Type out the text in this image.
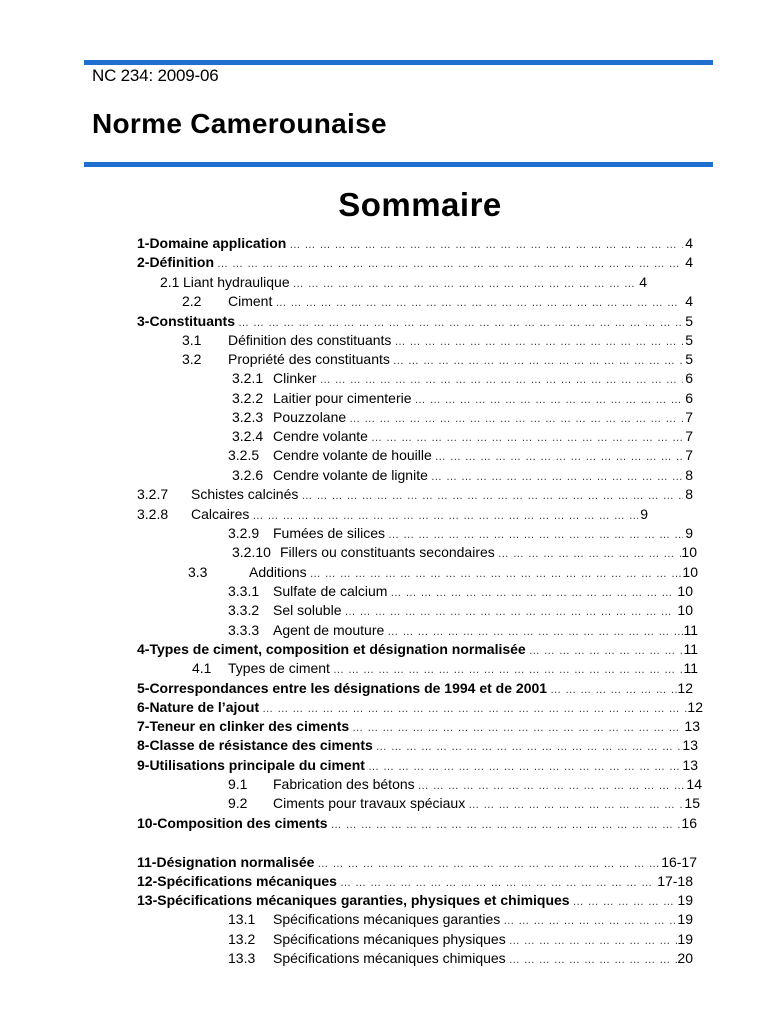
NC 234: 2009-06
Norme Camerounaise
Sommaire
1-Domaine application … … … … … … … … … … … … … … … … … … … … … … … … … … … … … … … … … … … … … … … … … … … … … … … … … … …	4
2-Définition … … … … … … … … … … … … … … … … … … … … … … … … … … … … … … … … … … … … … … … … … … … … … … … … … … …	4
2.1 Liant hydraulique … … … … … … … … … … … … … … … … … … … … … … … … … … … … … … … … … … … … … … … … … … … … … … … … … … …	4
2.2	Ciment … … … … … … … … … … … … … … … … … … … … … … … … … … … … … … … … … … … … … … … … … … … … … … … … … … …	4
3-Constituants … … … … … … … … … … … … … … … … … … … … … … … … … … … … … … … … … … … … … … … … … … … … … … … … … … …	5
3.1	Définition des constituants … … … … … … … … … … … … … … … … … … … … … … … … … … … … … … … … … … … … … … … … … … … … … … … … … … …	5
3.2	Propriété des constituants … … … … … … … … … … … … … … … … … … … … … … … … … … … … … … … … … … … … … … … … … … … … … … … … … … …	5
3.2.1 Clinker … … … … … … … … … … … … … … … … … … … … … … … … … … … … … … … … … … … … … … … … … … … … … … … … … … …	6
3.2.2 Laitier pour cimenterie … … … … … … … … … … … … … … … … … … … … … … … … … … … … … … … … … … … … … … … … … … … … … … … … … … …	6
3.2.3 Pouzzolane … … … … … … … … … … … … … … … … … … … … … … … … … … … … … … … … … … … … … … … … … … … … … … … … … … …	7
3.2.4 Cendre volante … … … … … … … … … … … … … … … … … … … … … … … … … … … … … … … … … … … … … … … … … … … … … … … … … … …	7
3.2.5 Cendre volante de houille … … … … … … … … … … … … … … … … … … … … … … … … … … … … … … … … … … … … … … … … … … … … … … … … … … …	7
3.2.6 Cendre volante de lignite … … … … … … … … … … … … … … … … … … … … … … … … … … … … … … … … … … … … … … … … … … … … … … … … … … …	8
3.2.7	Schistes calcinés … … … … … … … … … … … … … … … … … … … … … … … … … … … … … … … … … … … … … … … … … … … … … … … … … … …	8
3.2.8	Calcaires … … … … … … … … … … … … … … … … … … … … … … … … … … … … … … … … … … … … … … … … … … … … … … … … … … …	9
3.2.9 Fumées de silices … … … … … … … … … … … … … … … … … … … … … … … … … … … … … … … … … … … … … … … … … … … … … … … … … … …	9
3.2.10 Fillers ou constituants secondaires … … … … … … … … … … … … … … … … … … … … … … … … … … … … … … … … … … … … … … … … … … … … … … … … … … …	10
3.3	Additions … … … … … … … … … … … … … … … … … … … … … … … … … … … … … … … … … … … … … … … … … … … … … … … … … … …	10
3.3.1 Sulfate de calcium … … … … … … … … … … … … … … … … … … … … … … … … … … … … … … … … … … … … … … … … … … … … … … … … … … …	10
3.3.2 Sel soluble … … … … … … … … … … … … … … … … … … … … … … … … … … … … … … … … … … … … … … … … … … … … … … … … … … …	10
3.3.3 Agent de mouture … … … … … … … … … … … … … … … … … … … … … … … … … … … … … … … … … … … … … … … … … … … … … … … … … … …	11
4-Types de ciment, composition et désignation normalisée … … … … … … … … … … … … … … … … … … … … … … … … … … … … … … … … … … … … … … … … … … … … … … … … … … …	11
4.1	Types de ciment … … … … … … … … … … … … … … … … … … … … … … … … … … … … … … … … … … … … … … … … … … … … … … … … … … …	11
5-Correspondances entre les désignations de 1994 et de 2001 … … … … … … … … … … … … … … … … … … … … … … … … … … … … … … … … … … … … … … … … … … … … … … … … … … …	12
6-Nature de l’ajout … … … … … … … … … … … … … … … … … … … … … … … … … … … … … … … … … … … … … … … … … … … … … … … … … … …	12
7-Teneur en clinker des ciments … … … … … … … … … … … … … … … … … … … … … … … … … … … … … … … … … … … … … … … … … … … … … … … … … … …	13
8-Classe de résistance des ciments … … … … … … … … … … … … … … … … … … … … … … … … … … … … … … … … … … … … … … … … … … … … … … … … … … …	13
9-Utilisations principale du ciment … … … … … … … … … … … … … … … … … … … … … … … … … … … … … … … … … … … … … … … … … … … … … … … … … … …	13
9.1	Fabrication des bétons … … … … … … … … … … … … … … … … … … … … … … … … … … … … … … … … … … … … … … … … … … … … … … … … … … …	14
9.2	Ciments pour travaux spéciaux … … … … … … … … … … … … … … … … … … … … … … … … … … … … … … … … … … … … … … … … … … … … … … … … … … …	15
10-Composition des ciments … … … … … … … … … … … … … … … … … … … … … … … … … … … … … … … … … … … … … … … … … … … … … … … … … … …	16
11-Désignation normalisée … … … … … … … … … … … … … … … … … … … … … … … … … … … … … … … … … … … … … … … … … … … … … … … … … … …	16-17
12-Spécifications mécaniques … … … … … … … … … … … … … … … … … … … … … … … … … … … … … … … … … … … … … … … … … … … … … … … … … … …	17-18
13-Spécifications mécaniques garanties, physiques et chimiques … … … … … … … … … … … … … … … … … … … … … … … … … … … … … … … … … … … … … … … … … … … … … … … … … … …	19
13.1	Spécifications mécaniques garanties … … … … … … … … … … … … … … … … … … … … … … … … … … … … … … … … … … … … … … … … … … … … … … … … … … …	19
13.2	Spécifications mécaniques physiques … … … … … … … … … … … … … … … … … … … … … … … … … … … … … … … … … … … … … … … … … … … … … … … … … … …	19
13.3	Spécifications mécaniques chimiques … … … … … … … … … … … … … … … … … … … … … … … … … … … … … … … … … … … … … … … … … … … … … … … … … … …	20
